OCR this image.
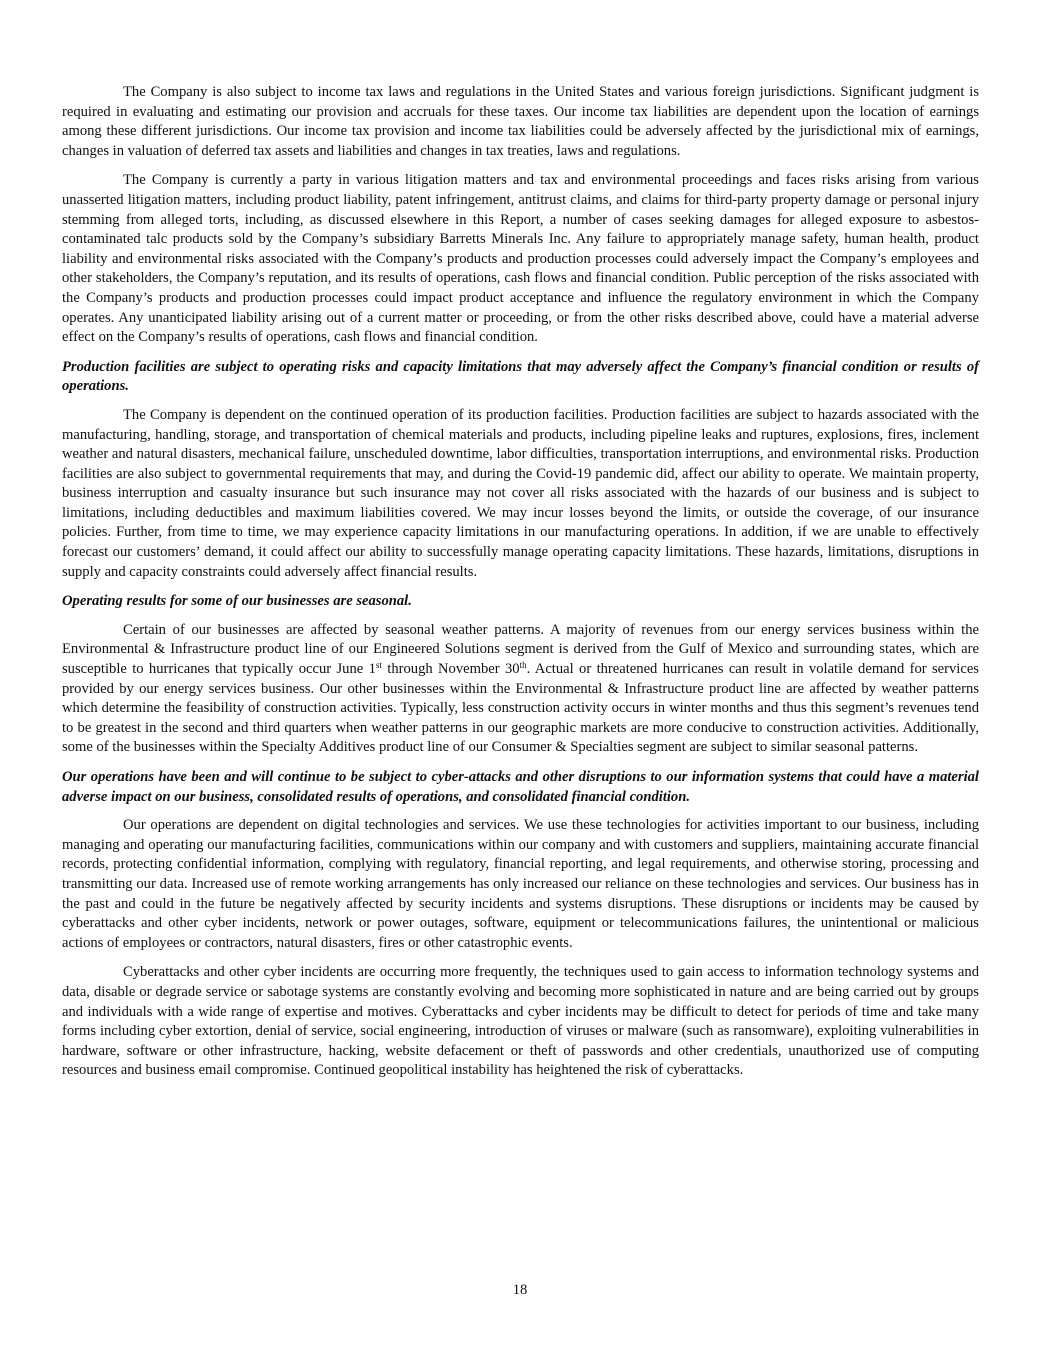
The Company is also subject to income tax laws and regulations in the United States and various foreign jurisdictions. Significant judgment is required in evaluating and estimating our provision and accruals for these taxes. Our income tax liabilities are dependent upon the location of earnings among these different jurisdictions. Our income tax provision and income tax liabilities could be adversely affected by the jurisdictional mix of earnings, changes in valuation of deferred tax assets and liabilities and changes in tax treaties, laws and regulations.

The Company is currently a party in various litigation matters and tax and environmental proceedings and faces risks arising from various unasserted litigation matters, including product liability, patent infringement, antitrust claims, and claims for third-party property damage or personal injury stemming from alleged torts, including, as discussed elsewhere in this Report, a number of cases seeking damages for alleged exposure to asbestos-contaminated talc products sold by the Company’s subsidiary Barretts Minerals Inc. Any failure to appropriately manage safety, human health, product liability and environmental risks associated with the Company’s products and production processes could adversely impact the Company’s employees and other stakeholders, the Company’s reputation, and its results of operations, cash flows and financial condition. Public perception of the risks associated with the Company’s products and production processes could impact product acceptance and influence the regulatory environment in which the Company operates. Any unanticipated liability arising out of a current matter or proceeding, or from the other risks described above, could have a material adverse effect on the Company’s results of operations, cash flows and financial condition.

Production facilities are subject to operating risks and capacity limitations that may adversely affect the Company’s financial condition or results of operations.

The Company is dependent on the continued operation of its production facilities. Production facilities are subject to hazards associated with the manufacturing, handling, storage, and transportation of chemical materials and products, including pipeline leaks and ruptures, explosions, fires, inclement weather and natural disasters, mechanical failure, unscheduled downtime, labor difficulties, transportation interruptions, and environmental risks. Production facilities are also subject to governmental requirements that may, and during the Covid-19 pandemic did, affect our ability to operate. We maintain property, business interruption and casualty insurance but such insurance may not cover all risks associated with the hazards of our business and is subject to limitations, including deductibles and maximum liabilities covered. We may incur losses beyond the limits, or outside the coverage, of our insurance policies. Further, from time to time, we may experience capacity limitations in our manufacturing operations. In addition, if we are unable to effectively forecast our customers’ demand, it could affect our ability to successfully manage operating capacity limitations. These hazards, limitations, disruptions in supply and capacity constraints could adversely affect financial results.

Operating results for some of our businesses are seasonal.

Certain of our businesses are affected by seasonal weather patterns. A majority of revenues from our energy services business within the Environmental & Infrastructure product line of our Engineered Solutions segment is derived from the Gulf of Mexico and surrounding states, which are susceptible to hurricanes that typically occur June 1st through November 30th. Actual or threatened hurricanes can result in volatile demand for services provided by our energy services business. Our other businesses within the Environmental & Infrastructure product line are affected by weather patterns which determine the feasibility of construction activities. Typically, less construction activity occurs in winter months and thus this segment’s revenues tend to be greatest in the second and third quarters when weather patterns in our geographic markets are more conducive to construction activities. Additionally, some of the businesses within the Specialty Additives product line of our Consumer & Specialties segment are subject to similar seasonal patterns.

Our operations have been and will continue to be subject to cyber-attacks and other disruptions to our information systems that could have a material adverse impact on our business, consolidated results of operations, and consolidated financial condition.

Our operations are dependent on digital technologies and services. We use these technologies for activities important to our business, including managing and operating our manufacturing facilities, communications within our company and with customers and suppliers, maintaining accurate financial records, protecting confidential information, complying with regulatory, financial reporting, and legal requirements, and otherwise storing, processing and transmitting our data. Increased use of remote working arrangements has only increased our reliance on these technologies and services. Our business has in the past and could in the future be negatively affected by security incidents and systems disruptions. These disruptions or incidents may be caused by cyberattacks and other cyber incidents, network or power outages, software, equipment or telecommunications failures, the unintentional or malicious actions of employees or contractors, natural disasters, fires or other catastrophic events.

Cyberattacks and other cyber incidents are occurring more frequently, the techniques used to gain access to information technology systems and data, disable or degrade service or sabotage systems are constantly evolving and becoming more sophisticated in nature and are being carried out by groups and individuals with a wide range of expertise and motives. Cyberattacks and cyber incidents may be difficult to detect for periods of time and take many forms including cyber extortion, denial of service, social engineering, introduction of viruses or malware (such as ransomware), exploiting vulnerabilities in hardware, software or other infrastructure, hacking, website defacement or theft of passwords and other credentials, unauthorized use of computing resources and business email compromise. Continued geopolitical instability has heightened the risk of cyberattacks.

18
